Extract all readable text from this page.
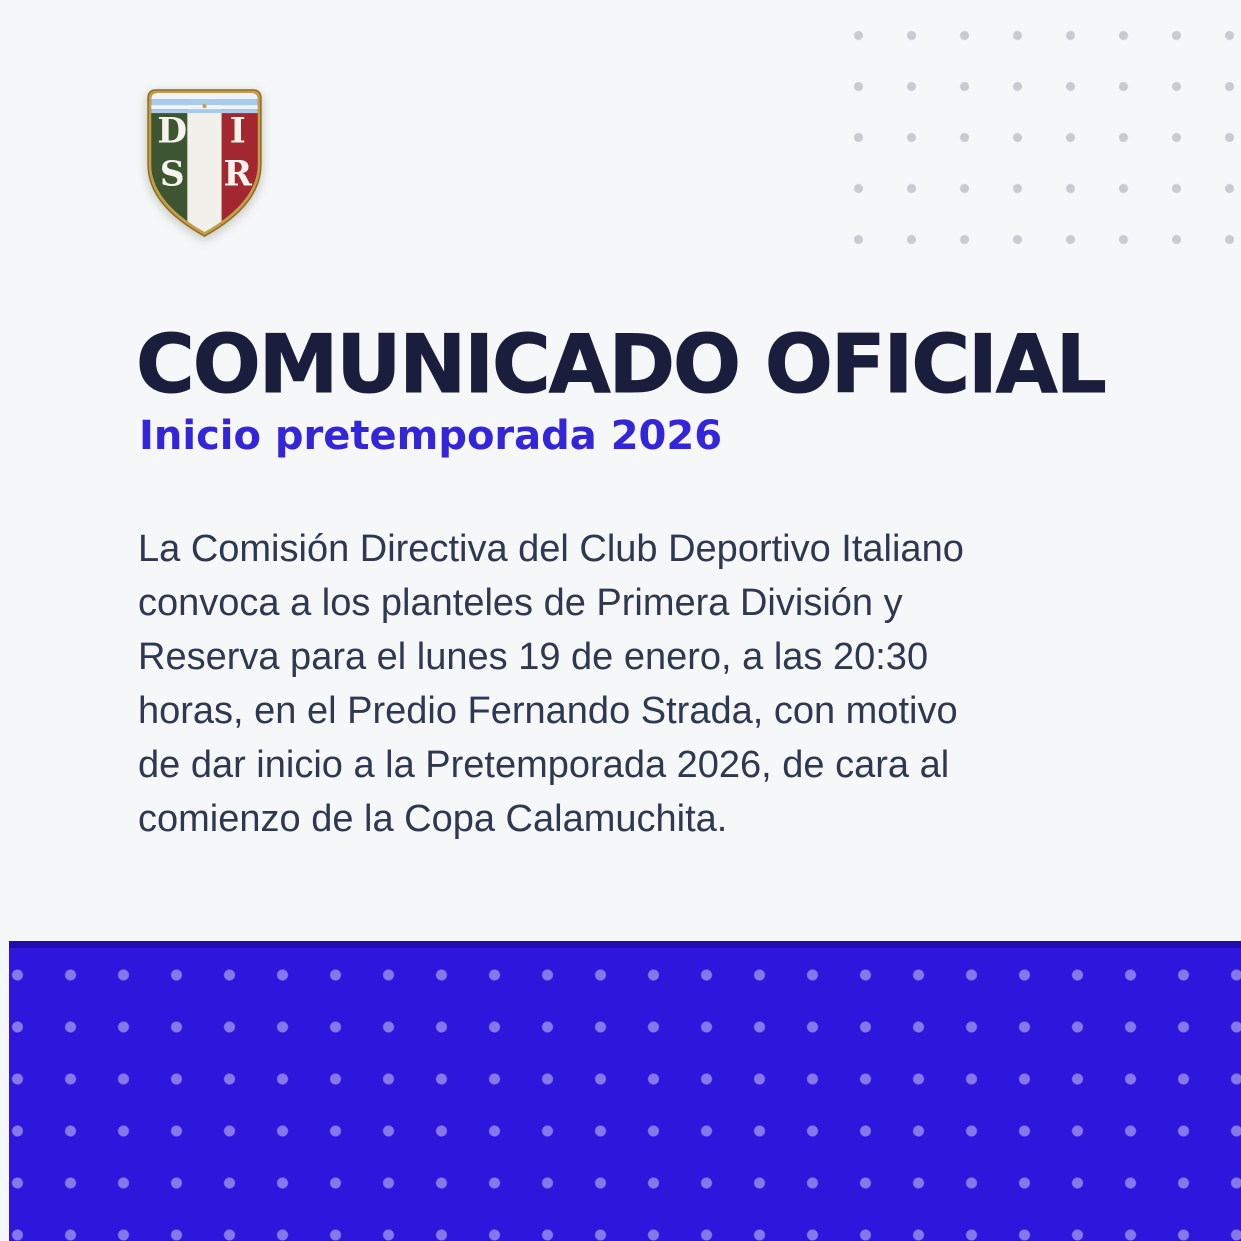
D I
S R
COMUNICADO OFICIAL
Inicio pretemporada 2026
La Comisión Directiva del Club Deportivo Italiano
convoca a los planteles de Primera División y
Reserva para el lunes 19 de enero, a las 20:30
horas, en el Predio Fernando Strada, con motivo
de dar inicio a la Pretemporada 2026, de cara al
comienzo de la Copa Calamuchita.
